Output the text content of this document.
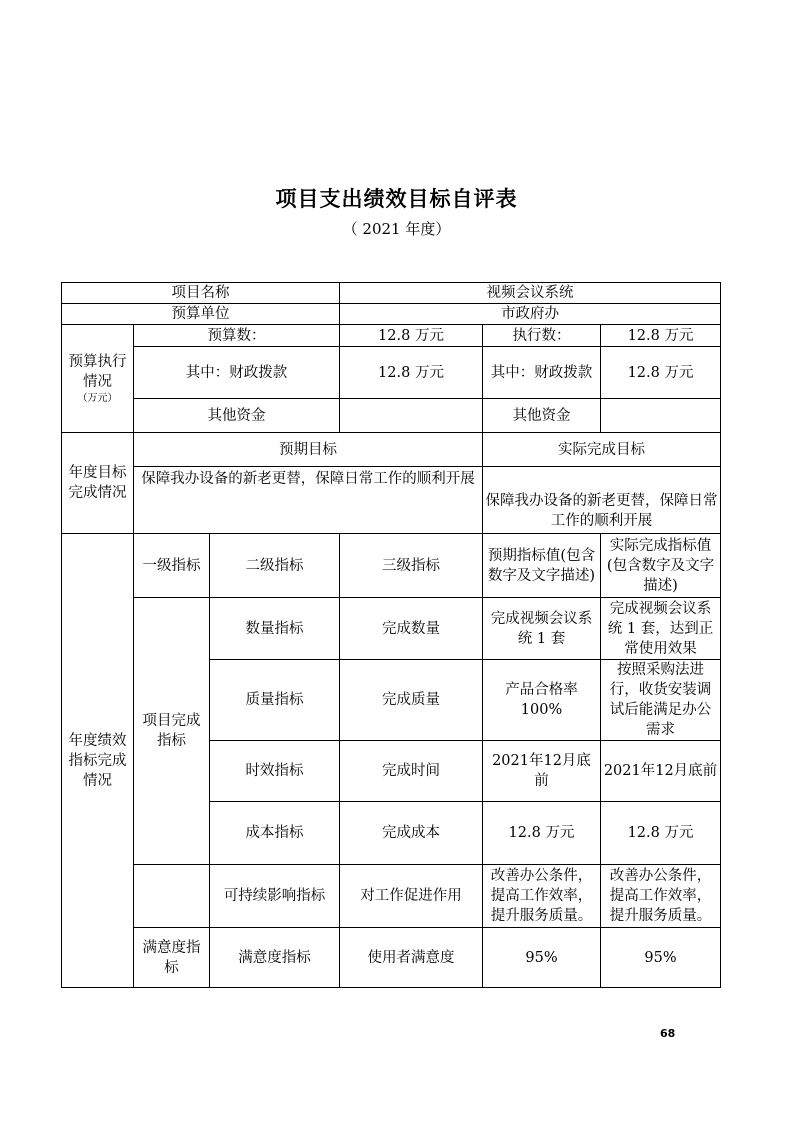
项目支出绩效目标自评表
（ 2021 年度）
项目名称			视频会议系统		
预算单位			市政府办		
预算执行情况
（万元）	预算数：		12.8 万元	执行数：	12.8 万元
	其中：财政拨款		12.8 万元	其中：财政拨款	12.8 万元
	其他资金			其他资金	
年度目标完成情况	预期目标			实际完成目标	
	保障我办设备的新老更替，保障日常工作的顺利开展			保障我办设备的新老更替，保障日常工作的顺利开展	
年度绩效指标完成情况	一级指标	二级指标	三级指标	预期指标值(包含数字及文字描述)	实际完成指标值(包含数字及文字描述)
	项目完成指标	数量指标	完成数量	完成视频会议系统 1 套	完成视频会议系统 1 套，达到正常使用效果
		质量指标	完成质量	产品合格率 100%	按照采购法进行，收货安装调试后能满足办公需求
		时效指标	完成时间	2021年12月底前	2021年12月底前
		成本指标	完成成本	12.8 万元	12.8 万元
		可持续影响指标	对工作促进作用	改善办公条件，提高工作效率，提升服务质量。	改善办公条件，提高工作效率，提升服务质量。
	满意度指标	满意度指标	使用者满意度	95%	95%
68
